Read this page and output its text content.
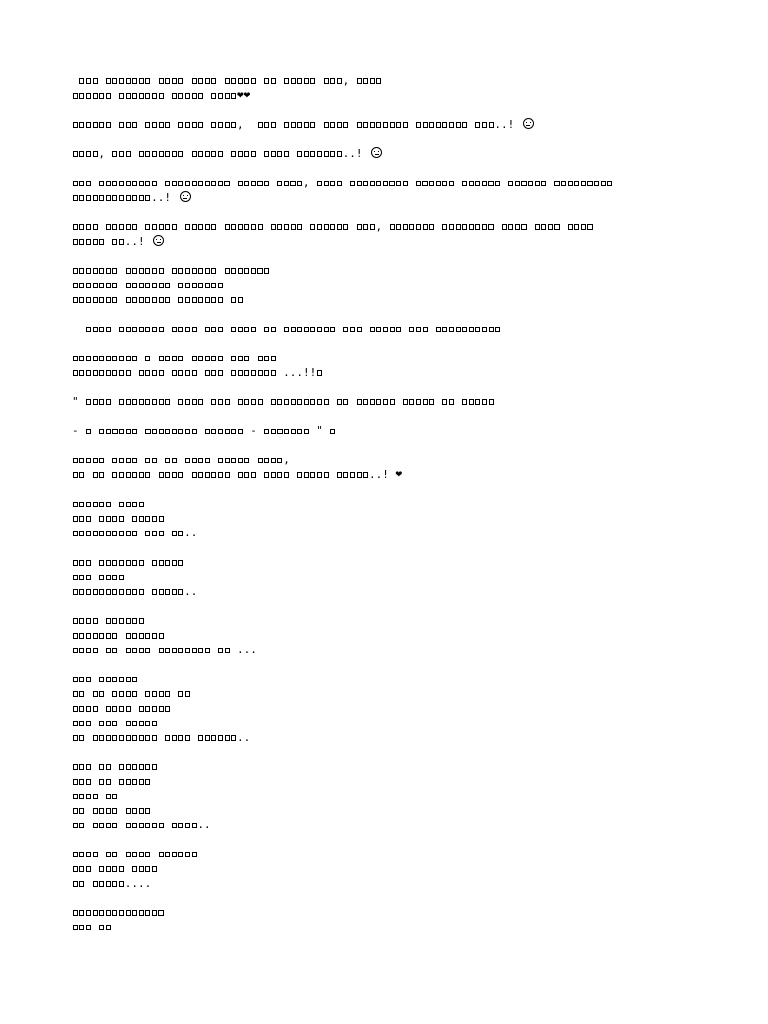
,
❤❤
,	..!
,	..!
,
..!
,
..!

...!!
"
-	-	"
,
..! ❤

..

..

...

..

..

....
